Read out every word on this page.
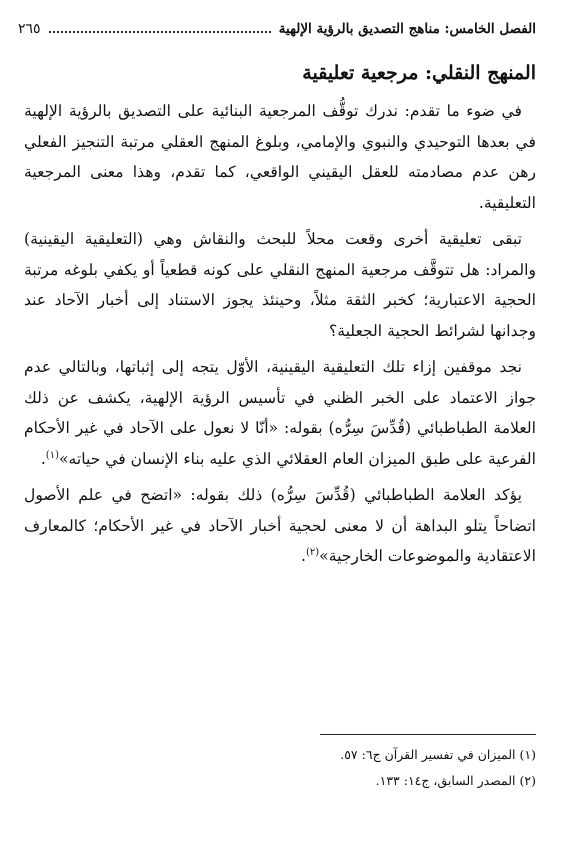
الفصل الخامس: مناهج التصديق بالرؤية الإلهية
٢٦٥
المنهج النقلي: مرجعية تعليقية

في ضوء ما تقدم: ندرك توقُّف المرجعية البنائية على التصديق بالرؤية الإلهية في بعدها التوحيدي والنبوي والإمامي، وبلوغ المنهج العقلي مرتبة التنجيز الفعلي رهن عدم مصادمته للعقل اليقيني الواقعي، كما تقدم، وهذا معنى المرجعية التعليقية.

تبقى تعليقية أخرى وقعت محلاً للبحث والنقاش وهي (التعليقية اليقينية) والمراد: هل تتوقَّف مرجعية المنهج النقلي على كونه قطعياً أو يكفي بلوغه مرتبة الحجية الاعتبارية؛ كخبر الثقة مثلاً، وحينئذ يجوز الاستناد إلى أخبار الآحاد عند وجدانها لشرائط الحجية الجعلية؟

نجد موقفين إزاء تلك التعليقية اليقينية، الأوّل يتجه إلى إثباتها، وبالتالي عدم جواز الاعتماد على الخبر الظني في تأسيس الرؤية الإلهية، يكشف عن ذلك العلامة الطباطبائي (قُدِّسَ سِرُّه) بقوله: «أنّا لا نعول على الآحاد في غير الأحكام الفرعية على طبق الميزان العام العقلائي الذي عليه بناء الإنسان في حياته»$^{(١)}$.

يؤكد العلامة الطباطبائي (قُدِّسَ سِرُّه) ذلك بقوله: «اتضح في علم الأصول اتضاحاً يتلو البداهة أن لا معنى لحجية أخبار الآحاد في غير الأحكام؛ كالمعارف الاعتقادية والموضوعات الخارجية»$^{(٢)}$.

(١) الميزان في تفسير القرآن ج٦: ٥٧.

(٢) المصدر السابق، ج١٤: ١٣٣.
